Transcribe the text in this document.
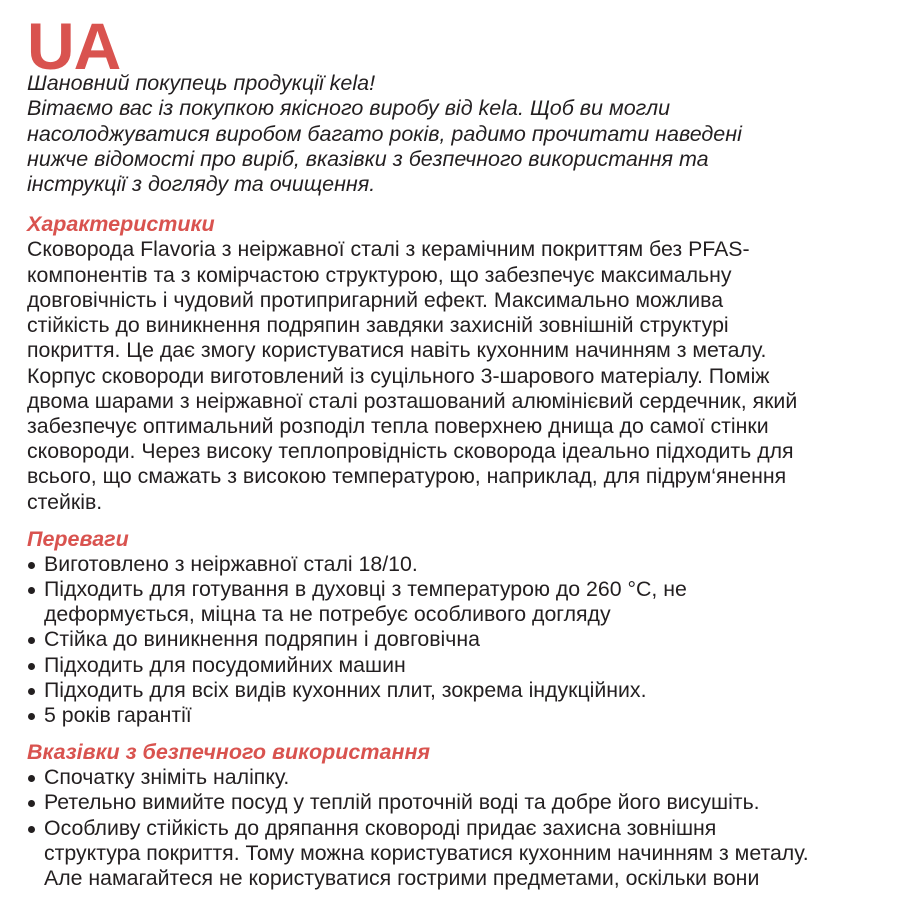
UA
Шановний покупець продукції kela!
Вітаємо вас із покупкою якісного виробу від kela. Щоб ви могли
насолоджуватися виробом багато років, радимо прочитати наведені
нижче відомості про виріб, вказівки з безпечного використання та
інструкції з догляду та очищення.
Характеристики
Сковорода Flavoria з неіржавної сталі з керамічним покриттям без PFAS-
компонентів та з комірчастою структурою, що забезпечує максимальну
довговічність і чудовий протипригарний ефект. Максимально можлива
стійкість до виникнення подряпин завдяки захисній зовнішній структурі
покриття. Це дає змогу користуватися навіть кухонним начинням з металу.
Корпус сковороди виготовлений із суцільного 3-шарового матеріалу. Поміж
двома шарами з неіржавної сталі розташований алюмінієвий сердечник, який
забезпечує оптимальний розподіл тепла поверхнею днища до самої стінки
сковороди. Через високу теплопровідність сковорода ідеально підходить для
всього, що смажать з високою температурою, наприклад, для підрум‘янення
стейків.
Переваги
Виготовлено з неіржавної сталі 18/10.
Підходить для готування в духовці з температурою до 260 °C, не
деформується, міцна та не потребує особливого догляду
Стійка до виникнення подряпин і довговічна
Підходить для посудомийних машин
Підходить для всіх видів кухонних плит, зокрема індукційних.
5 років гарантії
Вказівки з безпечного використання
Спочатку зніміть наліпку.
Ретельно вимийте посуд у теплій проточній воді та добре його висушіть.
Особливу стійкість до дряпання сковороді придає захисна зовнішня
структура покриття. Тому можна користуватися кухонним начинням з металу.
Але намагайтеся не користуватися гострими предметами, оскільки вони
